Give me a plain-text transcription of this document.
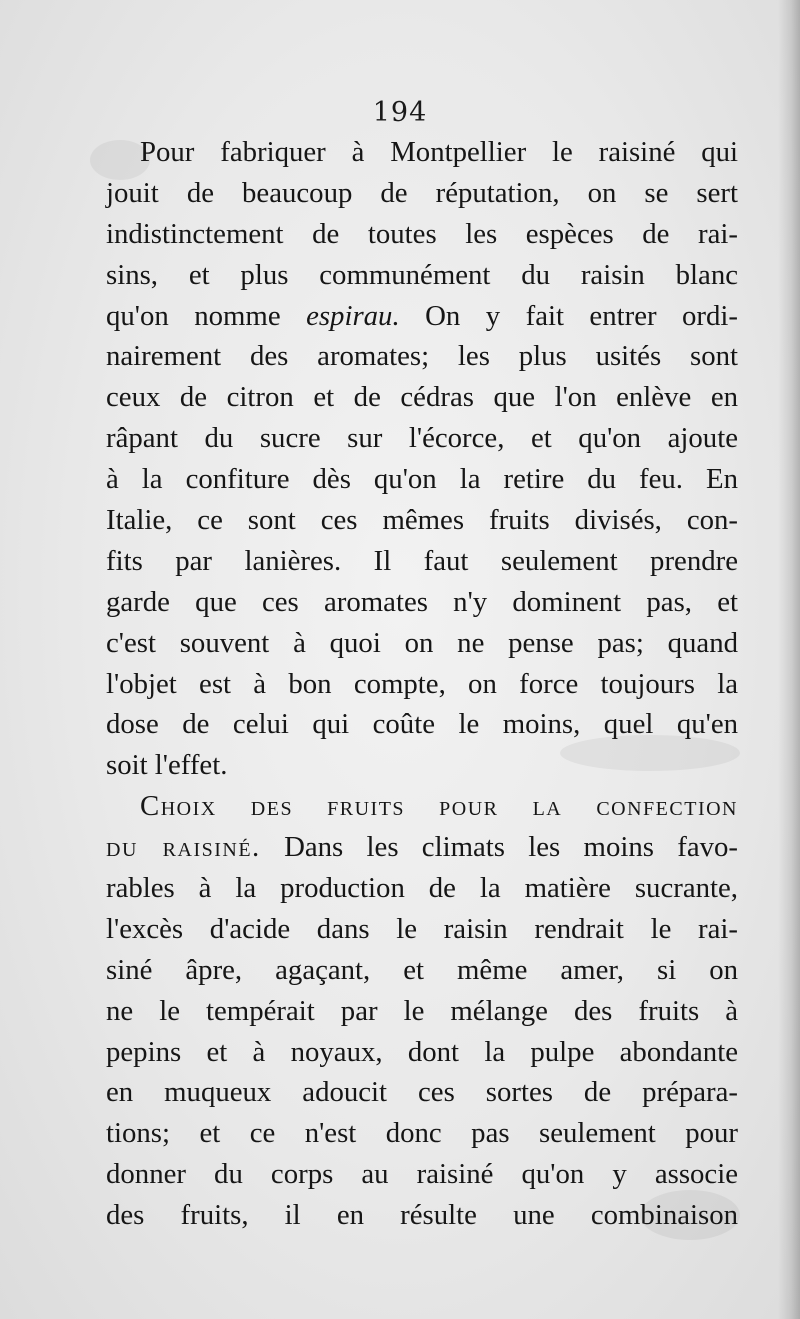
194
Pour fabriquer à Montpellier le raisiné qui
jouit de beaucoup de réputation, on se sert
indistinctement de toutes les espèces de rai-
sins, et plus communément du raisin blanc
qu'on nomme espirau. On y fait entrer ordi-
nairement des aromates; les plus usités sont
ceux de citron et de cédras que l'on enlève en
râpant du sucre sur l'écorce, et qu'on ajoute
à la confiture dès qu'on la retire du feu. En
Italie, ce sont ces mêmes fruits divisés, con-
fits par lanières. Il faut seulement prendre
garde que ces aromates n'y dominent pas, et
c'est souvent à quoi on ne pense pas; quand
l'objet est à bon compte, on force toujours la
dose de celui qui coûte le moins, quel qu'en
soit l'effet.
Choix des fruits pour la confection
du raisiné. Dans les climats les moins favo-
rables à la production de la matière sucrante,
l'excès d'acide dans le raisin rendrait le rai-
siné âpre, agaçant, et même amer, si on
ne le tempérait par le mélange des fruits à
pepins et à noyaux, dont la pulpe abondante
en muqueux adoucit ces sortes de prépara-
tions; et ce n'est donc pas seulement pour
donner du corps au raisiné qu'on y associe
des fruits, il en résulte une combinaison
